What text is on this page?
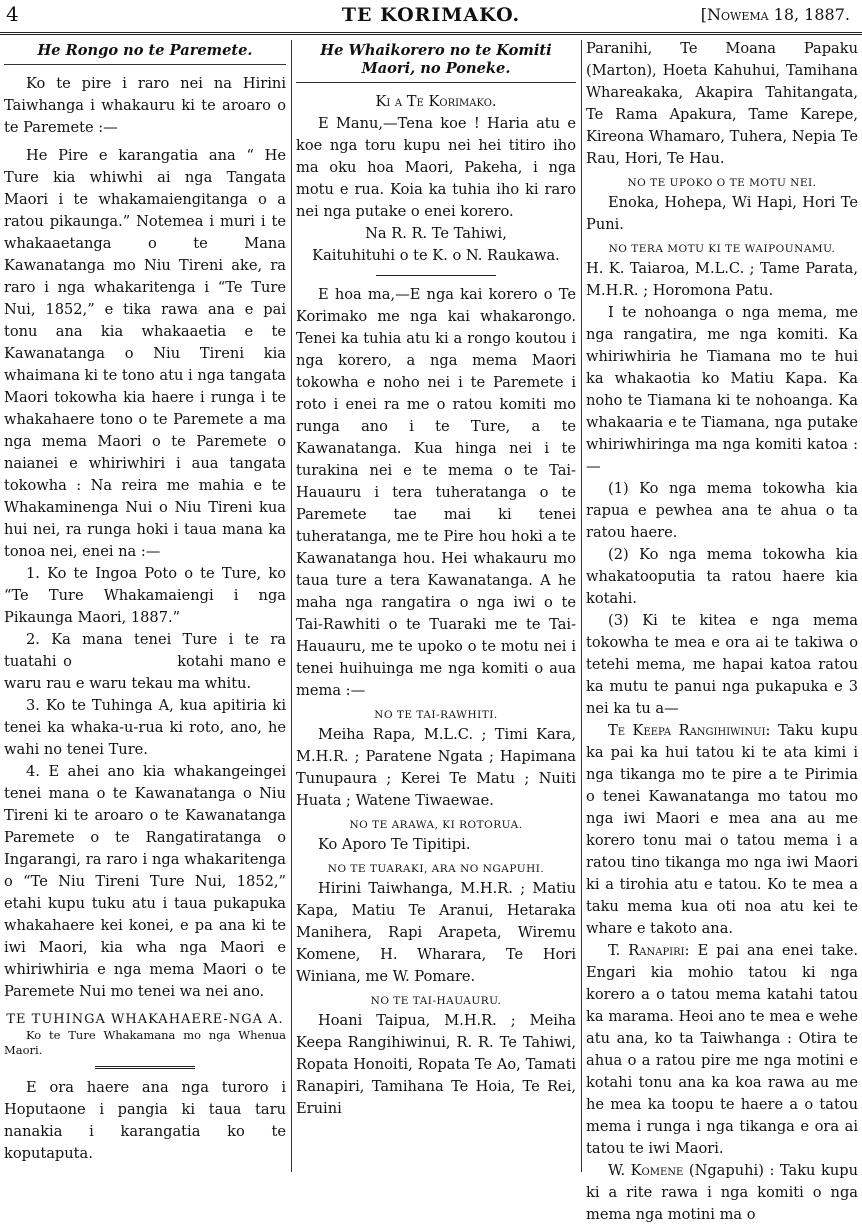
4	TE KORIMAKO.	[Nowema 18, 1887.
He Rongo no te Paremete.

Ko te pire i raro nei na Hirini Taiwhanga i whakauru ki te aroaro o te Paremete :—

He Pire e karangatia ana “ He Ture kia whiwhi ai nga Tangata Maori i te whakamaiengitanga o a ratou pikaunga.” Notemea i muri i te whakaaetanga o te Mana Kawanatanga mo Niu Tireni ake, ra raro i nga whakaritenga i “Te Ture Nui, 1852,” e tika rawa ana e pai tonu ana kia whakaaetia e te Kawanatanga o Niu Tireni kia whaimana ki te tono atu i nga tangata Maori tokowha kia haere i runga i te whakahaere tono o te Paremete a ma nga mema Maori o te Paremete o naianei e whiriwhiri i aua tangata tokowha : Na reira me mahia e te Whakaminenga Nui o Niu Tireni kua hui nei, ra runga hoki i taua mana ka tonoa nei, enei na :—

1. Ko te Ingoa Poto o te Ture, ko “Te Ture Whakamaiengi i nga Pikaunga Maori, 1887.”

2. Ka mana tenei Ture i te ra tuatahi o                kotahi mano e waru rau e waru tekau ma whitu.

3. Ko te Tuhinga A, kua apitiria ki tenei ka whaka-u-rua ki roto, ano, he wahi no tenei Ture.

4. E ahei ano kia whakangeingei tenei mana o te Kawanatanga o Niu Tireni ki te aroaro o te Kawanatanga Paremete o te Rangatiratanga o Ingarangi, ra raro i nga whakaritenga o “Te Niu Tireni Ture Nui, 1852,” etahi kupu tuku atu i taua pukapuka whakahaere kei konei, e pa ana ki te iwi Maori, kia wha nga Maori e whiriwhiria e nga mema Maori o te Paremete Nui mo tenei wa nei ano.

TE TUHINGA WHAKAHAERE-NGA A.

Ko te Ture Whakamana mo nga Whenua Maori.

E ora haere ana nga turoro i Hoputaone i pangia ki taua taru nanakia i karangatia ko te koputaputa.

He Whaikorero no te Komiti Maori, no Poneke.

Ki a Te Korimako.

E Manu,—Tena koe ! Haria atu e koe nga toru kupu nei hei titiro iho ma oku hoa Maori, Pakeha, i nga motu e rua. Koia ka tuhia iho ki raro nei nga putake o enei korero.

Na R. R. Te Tahiwi,

Kaituhituhi o te K. o N. Raukawa.

E hoa ma,—E nga kai korero o Te Korimako me nga kai whakarongo. Tenei ka tuhia atu ki a rongo koutou i nga korero, a nga mema Maori tokowha e noho nei i te Paremete i roto i enei ra me o ratou komiti mo runga ano i te Ture, a te Kawanatanga. Kua hinga nei i te turakina nei e te mema o te Tai-Hauauru i tera tuheratanga o te Paremete tae mai ki tenei tuheratanga, me te Pire hou hoki a te Kawanatanga hou. Hei whakauru mo taua ture a tera Kawanatanga. A he maha nga rangatira o nga iwi o te Tai-Rawhiti o te Tuaraki me te Tai-Hauauru, me te upoko o te motu nei i tenei huihuinga me nga komiti o aua mema :—

NO TE TAI-RAWHITI.

Meiha Rapa, M.L.C. ; Timi Kara, M.H.R. ; Paratene Ngata ; Hapimana Tunupaura ; Kerei Te Matu ; Nuiti Huata ; Watene Tiwaewae.

NO TE ARAWA, KI ROTORUA.

Ko Aporo Te Tipitipi.

NO TE TUARAKI, ARA NO NGAPUHI.

Hirini Taiwhanga, M.H.R. ; Matiu Kapa, Matiu Te Aranui, Hetaraka Manihera, Rapi Arapeta, Wiremu Komene, H. Wharara, Te Hori Winiana, me W. Pomare.

NO TE TAI-HAUAURU.

Hoani Taipua, M.H.R. ; Meiha Keepa Rangihiwinui, R. R. Te Tahiwi, Ropata Honoiti, Ropata Te Ao, Tamati Ranapiri, Tamihana Te Hoia, Te Rei, Eruini

Paranihi, Te Moana Papaku (Marton), Hoeta Kahuhui, Tamihana Whareakaka, Akapira Tahitangata, Te Rama Apakura, Tame Karepe, Kireona Whamaro, Tuhera, Nepia Te Rau, Hori, Te Hau.

NO TE UPOKO O TE MOTU NEI.

Enoka, Hohepa, Wi Hapi, Hori Te Puni.

NO TERA MOTU KI TE WAIPOUNAMU.

H. K. Taiaroa, M.L.C. ; Tame Parata, M.H.R. ; Horomona Patu.

I te nohoanga o nga mema, me nga rangatira, me nga komiti. Ka whiriwhiria he Tiamana mo te hui ka whakaotia ko Matiu Kapa. Ka noho te Tiamana ki te nohoanga. Ka whakaaria e te Tiamana, nga putake whiriwhiringa ma nga komiti katoa :—

(1) Ko nga mema tokowha kia rapua e pewhea ana te ahua o ta ratou haere.

(2) Ko nga mema tokowha kia whakatooputia ta ratou haere kia kotahi.

(3) Ki te kitea e nga mema tokowha te mea e ora ai te takiwa o tetehi mema, me hapai katoa ratou ka mutu te panui nga pukapuka e 3 nei ka tu a—

Te Keepa Rangihiwinui: Taku kupu ka pai ka hui tatou ki te ata kimi i nga tikanga mo te pire a te Pirimia o tenei Kawanatanga mo tatou mo nga iwi Maori e mea ana au me korero tonu mai o tatou mema i a ratou tino tikanga mo nga iwi Maori ki a tirohia atu e tatou. Ko te mea a taku mema kua oti noa atu kei te whare e takoto ana.

T. Ranapiri: E pai ana enei take. Engari kia mohio tatou ki nga korero a o tatou mema katahi tatou ka marama. Heoi ano te mea e wehe atu ana, ko ta Taiwhanga : Otira te ahua o a ratou pire me nga motini e kotahi tonu ana ka koa rawa au me he mea ka toopu te haere a o tatou mema i runga i nga tikanga e ora ai tatou te iwi Maori.

W. Komene (Ngapuhi) : Taku kupu ki a rite rawa i nga komiti o nga mema nga motini ma o
